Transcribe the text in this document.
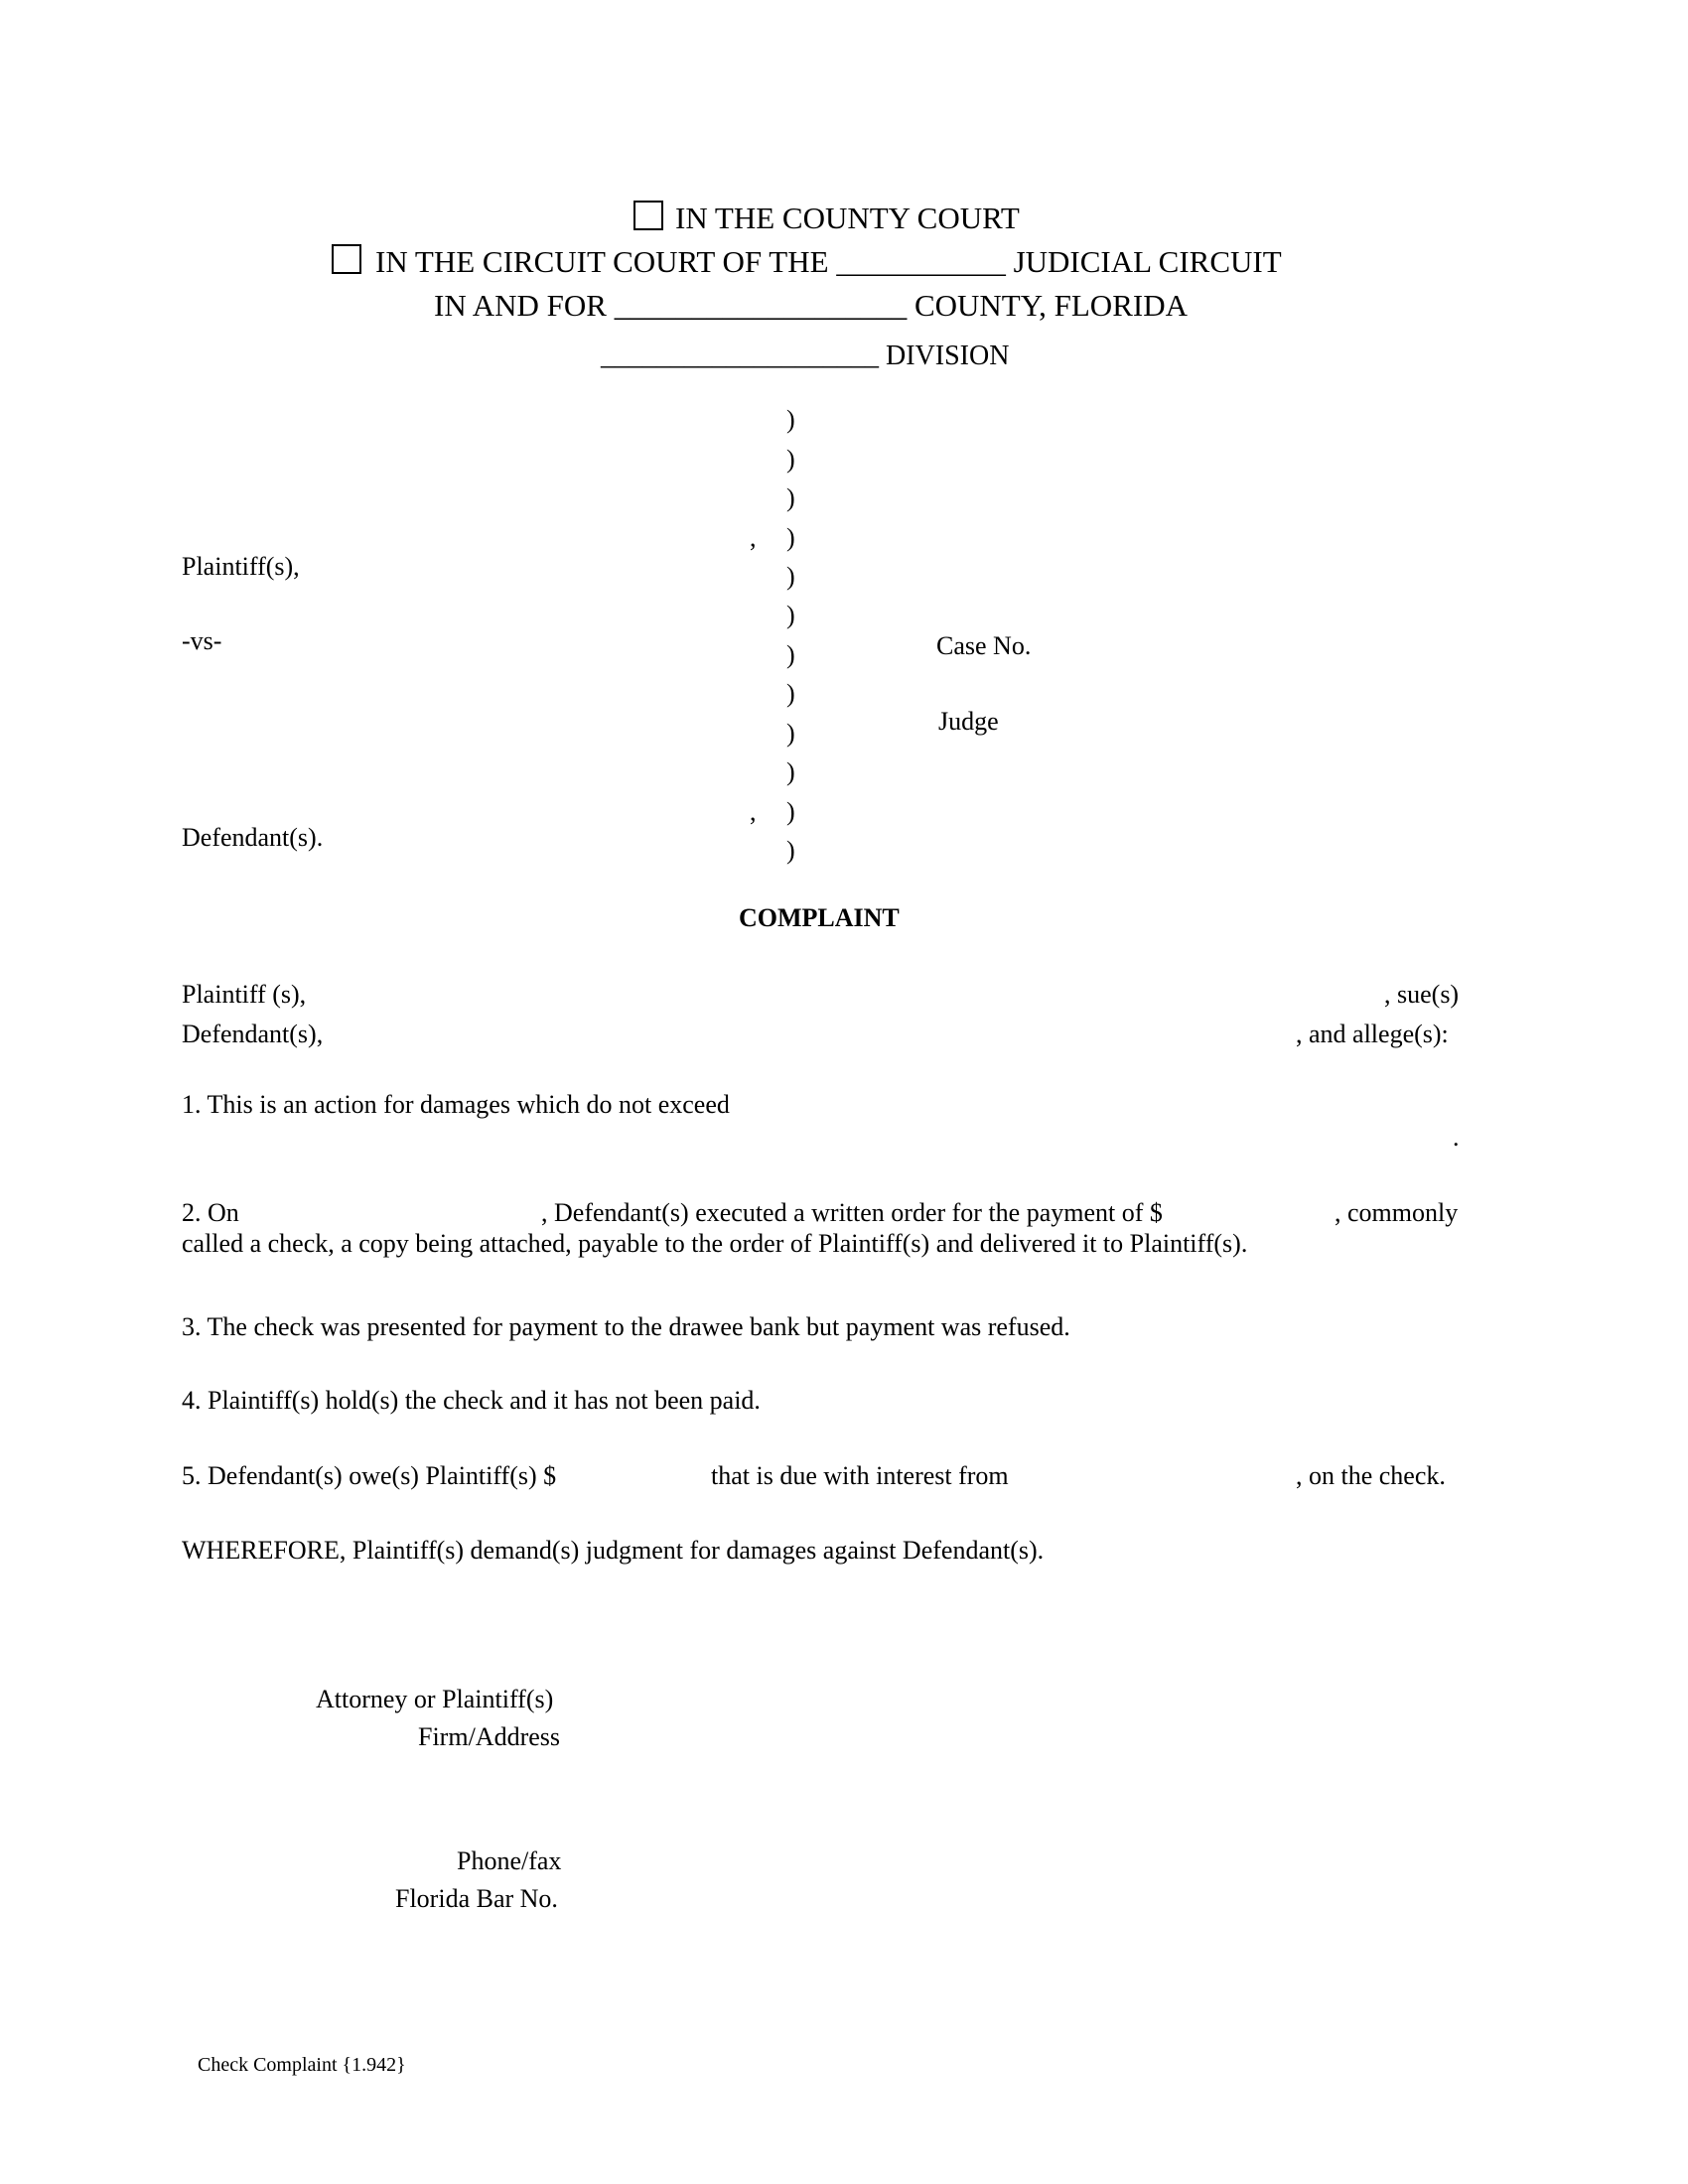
IN THE COUNTY COURT
IN THE CIRCUIT COURT OF THE ___________ JUDICIAL CIRCUIT
IN AND FOR ___________________ COUNTY, FLORIDA
____________________ DIVISION
)
)
)
)
)
)
)
)
)
)
)
)
,
,
Plaintiff(s),
-vs-
Defendant(s).
Case No.
Judge
COMPLAINT
Plaintiff (s),	, sue(s)
Defendant(s),	, and allege(s):
1. This is an action for damages which do not exceed
.
2. On	, Defendant(s) executed a written order for the payment of $	, commonly
called a check, a copy being attached, payable to the order of Plaintiff(s) and delivered it to Plaintiff(s).
3. The check was presented for payment to the drawee bank but payment was refused.
4. Plaintiff(s) hold(s) the check and it has not been paid.
5. Defendant(s) owe(s) Plaintiff(s) $	that is due with interest from	, on the check.
WHEREFORE, Plaintiff(s) demand(s) judgment for damages against Defendant(s).
Attorney or Plaintiff(s)
Firm/Address
Phone/fax
Florida Bar No.
Check Complaint {1.942}
